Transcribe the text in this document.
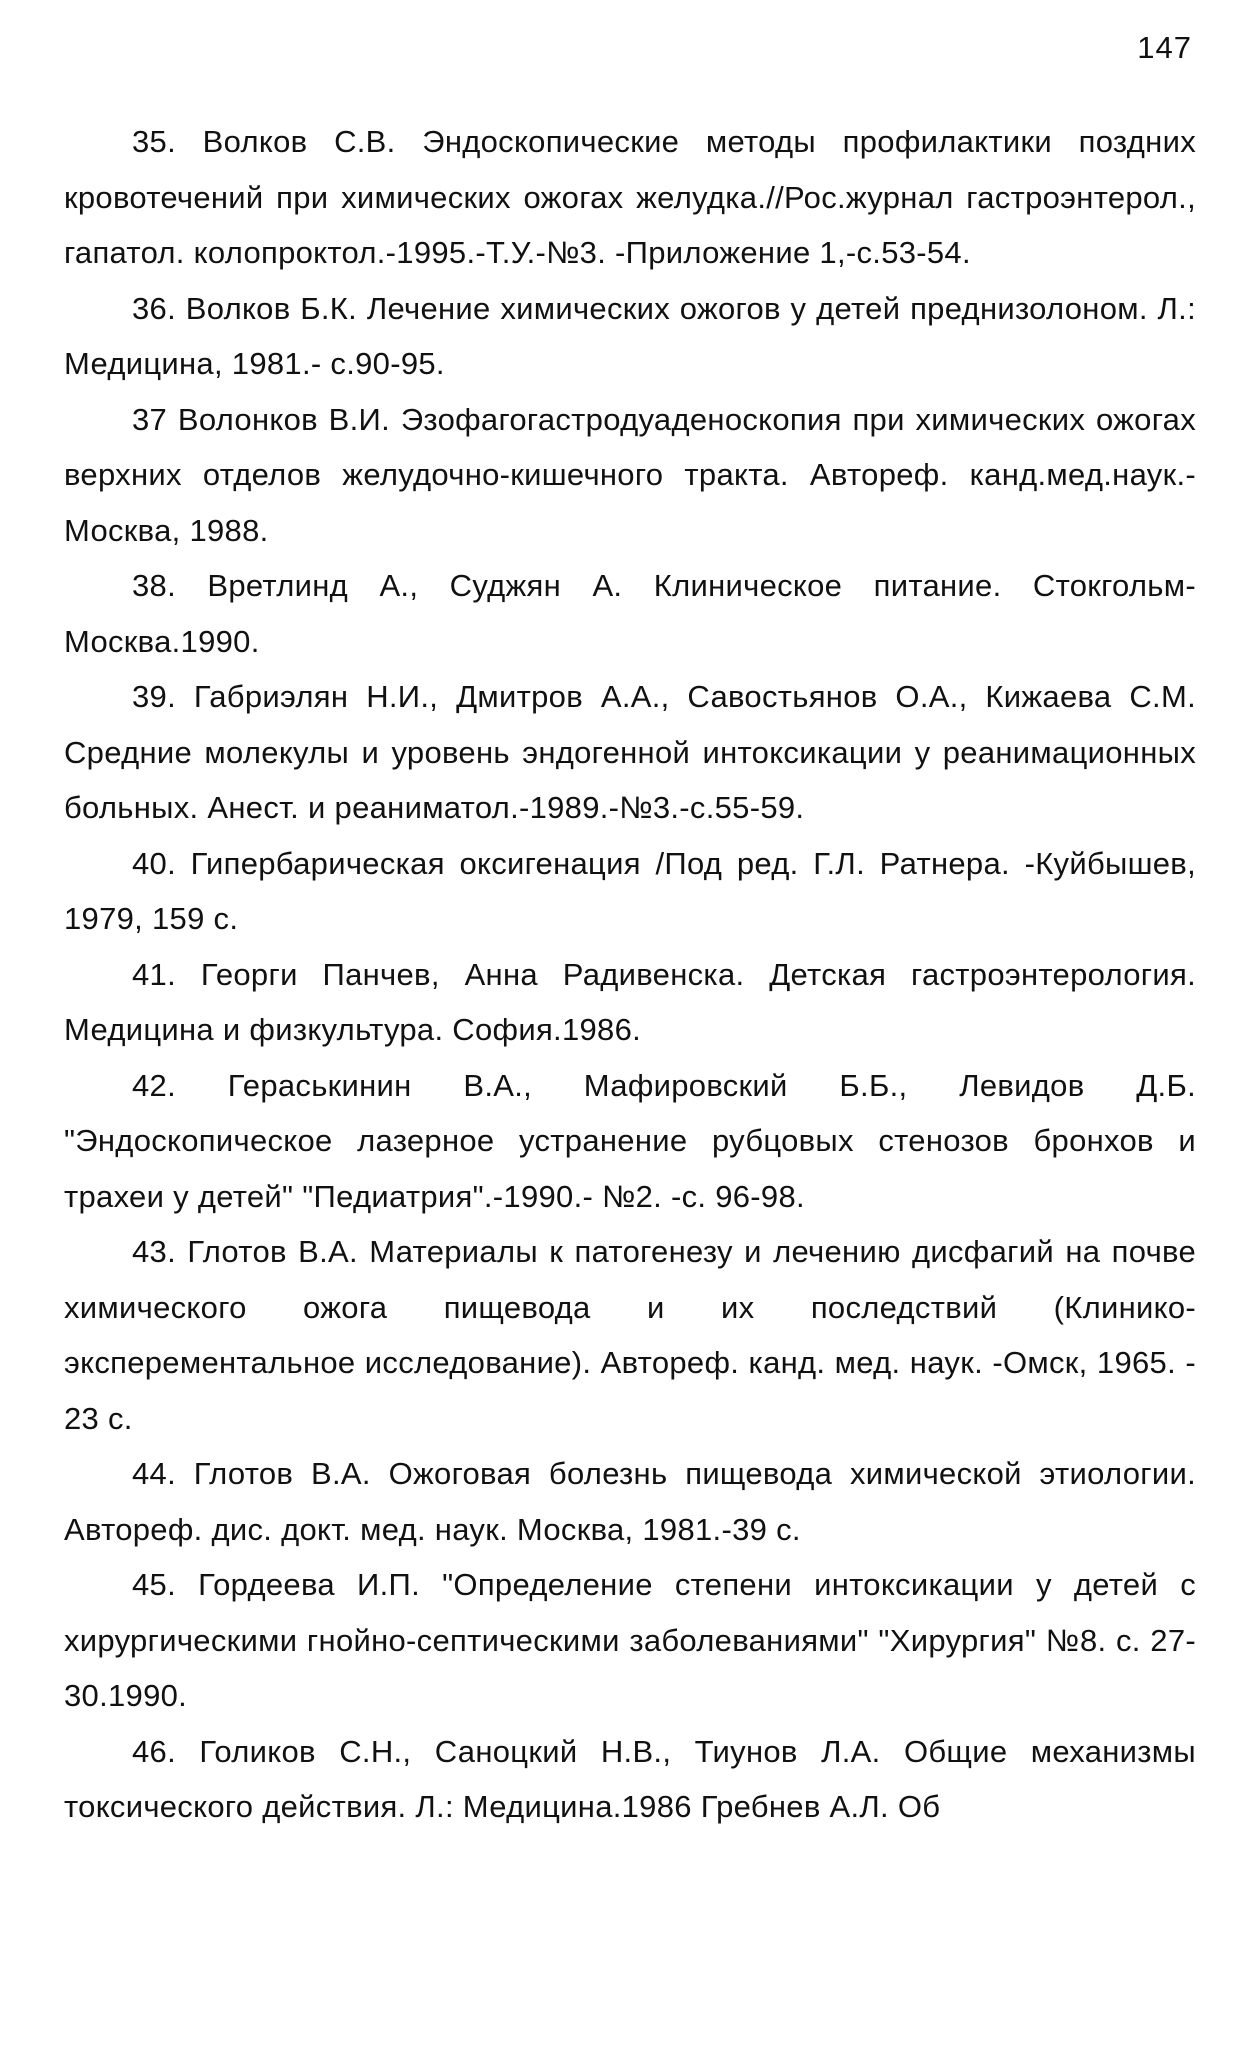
147

35. Волков С.В. Эндоскопические методы профилактики поздних кровотечений при химических ожогах желудка.//Рос.журнал гастроэнтерол., гапатол. колопроктол.-1995.-Т.У.-№3. -Приложение 1,-с.53-54.

36. Волков Б.К. Лечение химических ожогов у детей преднизолоном. Л.: Медицина, 1981.- с.90-95.

37 Волонков В.И. Эзофагогастродуаденоскопия при химических ожогах верхних отделов желудочно-кишечного тракта. Автореф. канд.мед.наук.-Москва, 1988.

38. Вретлинд А., Суджян А. Клиническое питание. Стокгольм-Москва.1990.

39. Габриэлян Н.И., Дмитров А.А., Савостьянов О.А., Кижаева С.М. Средние молекулы и уровень эндогенной интоксикации у реанимационных больных. Анест. и реаниматол.-1989.-№3.-с.55-59.

40. Гипербарическая оксигенация /Под ред. Г.Л. Ратнера. -Куйбышев, 1979, 159 с.

41. Георги Панчев, Анна Радивенска. Детская гастроэнтерология. Медицина и физкультура. София.1986.

42. Гераськинин В.А., Мафировский Б.Б., Левидов Д.Б. "Эндоскопическое лазерное устранение рубцовых стенозов бронхов и трахеи у детей" "Педиатрия".-1990.- №2. -с. 96-98.

43. Глотов В.А. Материалы к патогенезу и лечению дисфагий на почве химического ожога пищевода и их последствий (Клинико-эксперементальное исследование). Автореф. канд. мед. наук. -Омск, 1965. - 23 с.

44. Глотов В.А. Ожоговая болезнь пищевода химической этиологии. Автореф. дис. докт. мед. наук. Москва, 1981.-39 с.

45. Гордеева И.П. "Определение степени интоксикации у детей с хирургическими гнойно-септическими заболеваниями" "Хирургия" №8. с. 27-30.1990.

46. Голиков С.Н., Саноцкий Н.В., Тиунов Л.А. Общие механизмы токсического действия. Л.: Медицина.1986 Гребнев А.Л. Об
